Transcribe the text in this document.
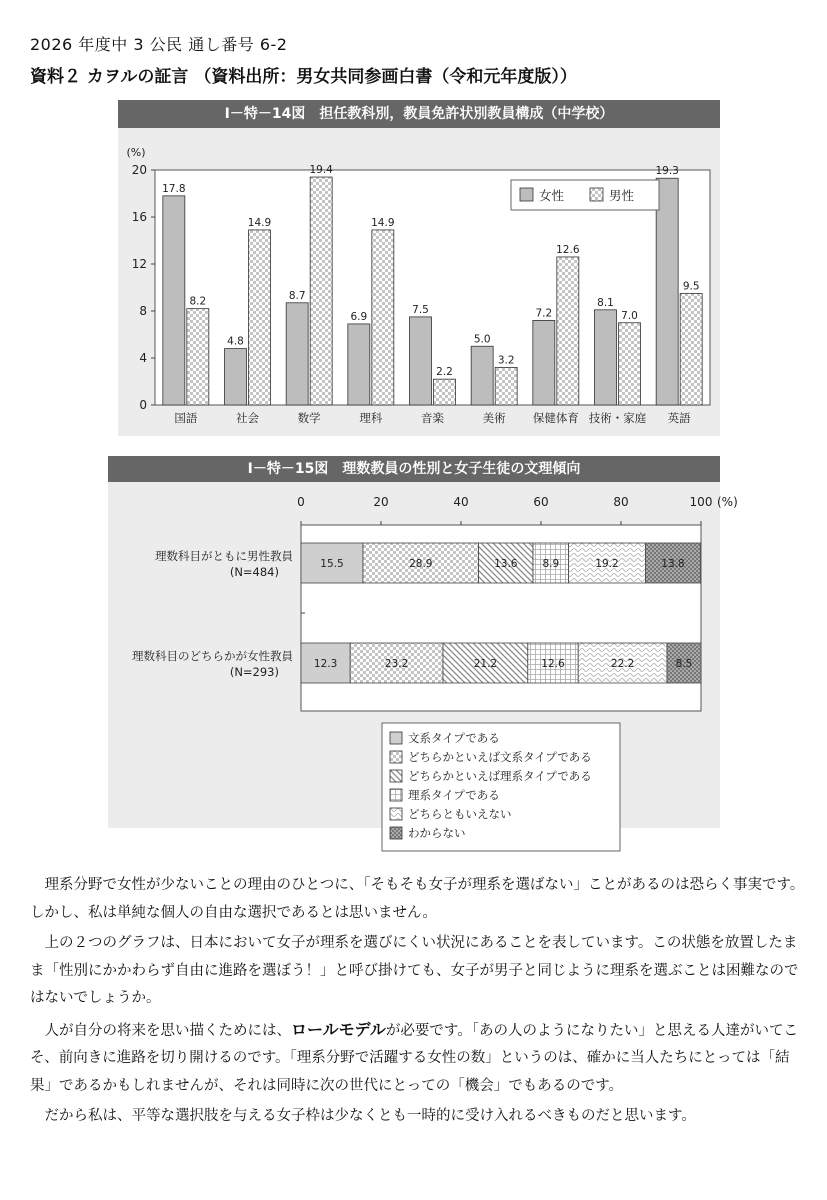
2026 年度中 3 公民 通し番号 6-2
資料２ カヲルの証言 （資料出所：男女共同参画白書（令和元年度版））
Ⅰ－特－14図　担任教科別，教員免許状別教員構成（中学校）
(%)
0
4
8
12
16
20
17.8
8.2
国語
4.8
14.9
社会
8.7
19.4
数学
6.9
14.9
理科
7.5
2.2
音楽
5.0
3.2
美術
7.2
12.6
保健体育
8.1
7.0
技術・家庭
19.3
9.5
英語
女性	男性
Ⅰ－特－15図　理数教員の性別と女子生徒の文理傾向
0	20	40	60	80	100 (%)
15.5	28.9	13.6 8.9	19.2	13.8
理数科目がともに男性教員
(N=484)
12.3	23.2	21.2	12.6	22.2	8.5
理数科目のどちらかが女性教員
(N=293)
文系タイプである
どちらかといえば文系タイプである
どちらかといえば理系タイプである
理系タイプである
どちらともいえない
わからない

理系分野で女性が少ないことの理由のひとつに、「そもそも女子が理系を選ばない」ことがあるのは恐らく事実です。しかし、私は単純な個人の自由な選択であるとは思いません。

上の２つのグラフは、日本において女子が理系を選びにくい状況にあることを表しています。この状態を放置したまま「性別にかかわらず自由に進路を選ぼう！」と呼び掛けても、女子が男子と同じように理系を選ぶことは困難なのではないでしょうか。

人が自分の将来を思い描くためには、ロールモデルが必要です。「あの人のようになりたい」と思える人達がいてこそ、前向きに進路を切り開けるのです。「理系分野で活躍する女性の数」というのは、確かに当人たちにとっては「結果」であるかもしれませんが、それは同時に次の世代にとっての「機会」でもあるのです。

だから私は、平等な選択肢を与える女子枠は少なくとも一時的に受け入れるべきものだと思います。
